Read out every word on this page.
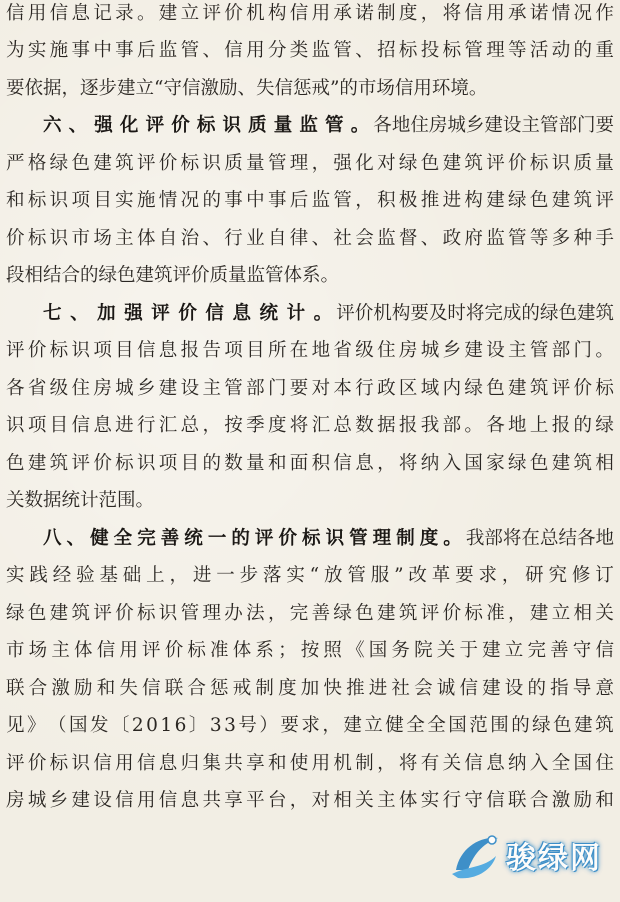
信 用 信 息 记 录 。 建 立 评 价 机 构 信 用 承 诺 制 度 ， 将 信 用 承 诺 情 况 作
为 实 施 事 中 事 后 监 管 、 信 用 分 类 监 管 、 招 标 投 标 管 理 等 活 动 的 重
要依据，逐步建立“守信激励、失信惩戒”的市场信用环境。
六 、 强 化 评 价 标 识 质 量 监 管 。 各 地 住 房 城 乡 建 设 主 管 部 门 要
严 格 绿 色 建 筑 评 价 标 识 质 量 管 理 ， 强 化 对 绿 色 建 筑 评 价 标 识 质 量
和 标 识 项 目 实 施 情 况 的 事 中 事 后 监 管 ， 积 极 推 进 构 建 绿 色 建 筑 评
价 标 识 市 场 主 体 自 治 、 行 业 自 律 、 社 会 监 督 、 政 府 监 管 等 多 种 手
段相结合的绿色建筑评价质量监管体系。
七 、 加 强 评 价 信 息 统 计 。 评 价 机 构 要 及 时 将 完 成 的 绿 色 建 筑
评 价 标 识 项 目 信 息 报 告 项 目 所 在 地 省 级 住 房 城 乡 建 设 主 管 部 门 。
各 省 级 住 房 城 乡 建 设 主 管 部 门 要 对 本 行 政 区 域 内 绿 色 建 筑 评 价 标
识 项 目 信 息 进 行 汇 总 ， 按 季 度 将 汇 总 数 据 报 我 部 。 各 地 上 报 的 绿
色 建 筑 评 价 标 识 项 目 的 数 量 和 面 积 信 息 ， 将 纳 入 国 家 绿 色 建 筑 相
关数据统计范围。
八 、 健 全 完 善 统 一 的 评 价 标 识 管 理 制 度 。 我 部 将 在 总 结 各 地
实 践 经 验 基 础 上 ， 进 一 步 落 实 “ 放 管 服 ” 改 革 要 求 ， 研 究 修 订
绿 色 建 筑 评 价 标 识 管 理 办 法 ， 完 善 绿 色 建 筑 评 价 标 准 ， 建 立 相 关
市 场 主 体 信 用 评 价 标 准 体 系 ； 按 照 《 国 务 院 关 于 建 立 完 善 守 信
联 合 激 励 和 失 信 联 合 惩 戒 制 度 加 快 推 进 社 会 诚 信 建 设 的 指 导 意
见 》 （ 国 发 〔 2 0 1 6 〕 3 3 号 ） 要 求 ， 建 立 健 全 全 国 范 围 的 绿 色 建 筑
评 价 标 识 信 用 信 息 归 集 共 享 和 使 用 机 制 ， 将 有 关 信 息 纳 入 全 国 住
房 城 乡 建 设 信 用 信 息 共 享 平 台 ， 对 相 关 主 体 实 行 守 信 联 合 激 励 和
骏绿网
